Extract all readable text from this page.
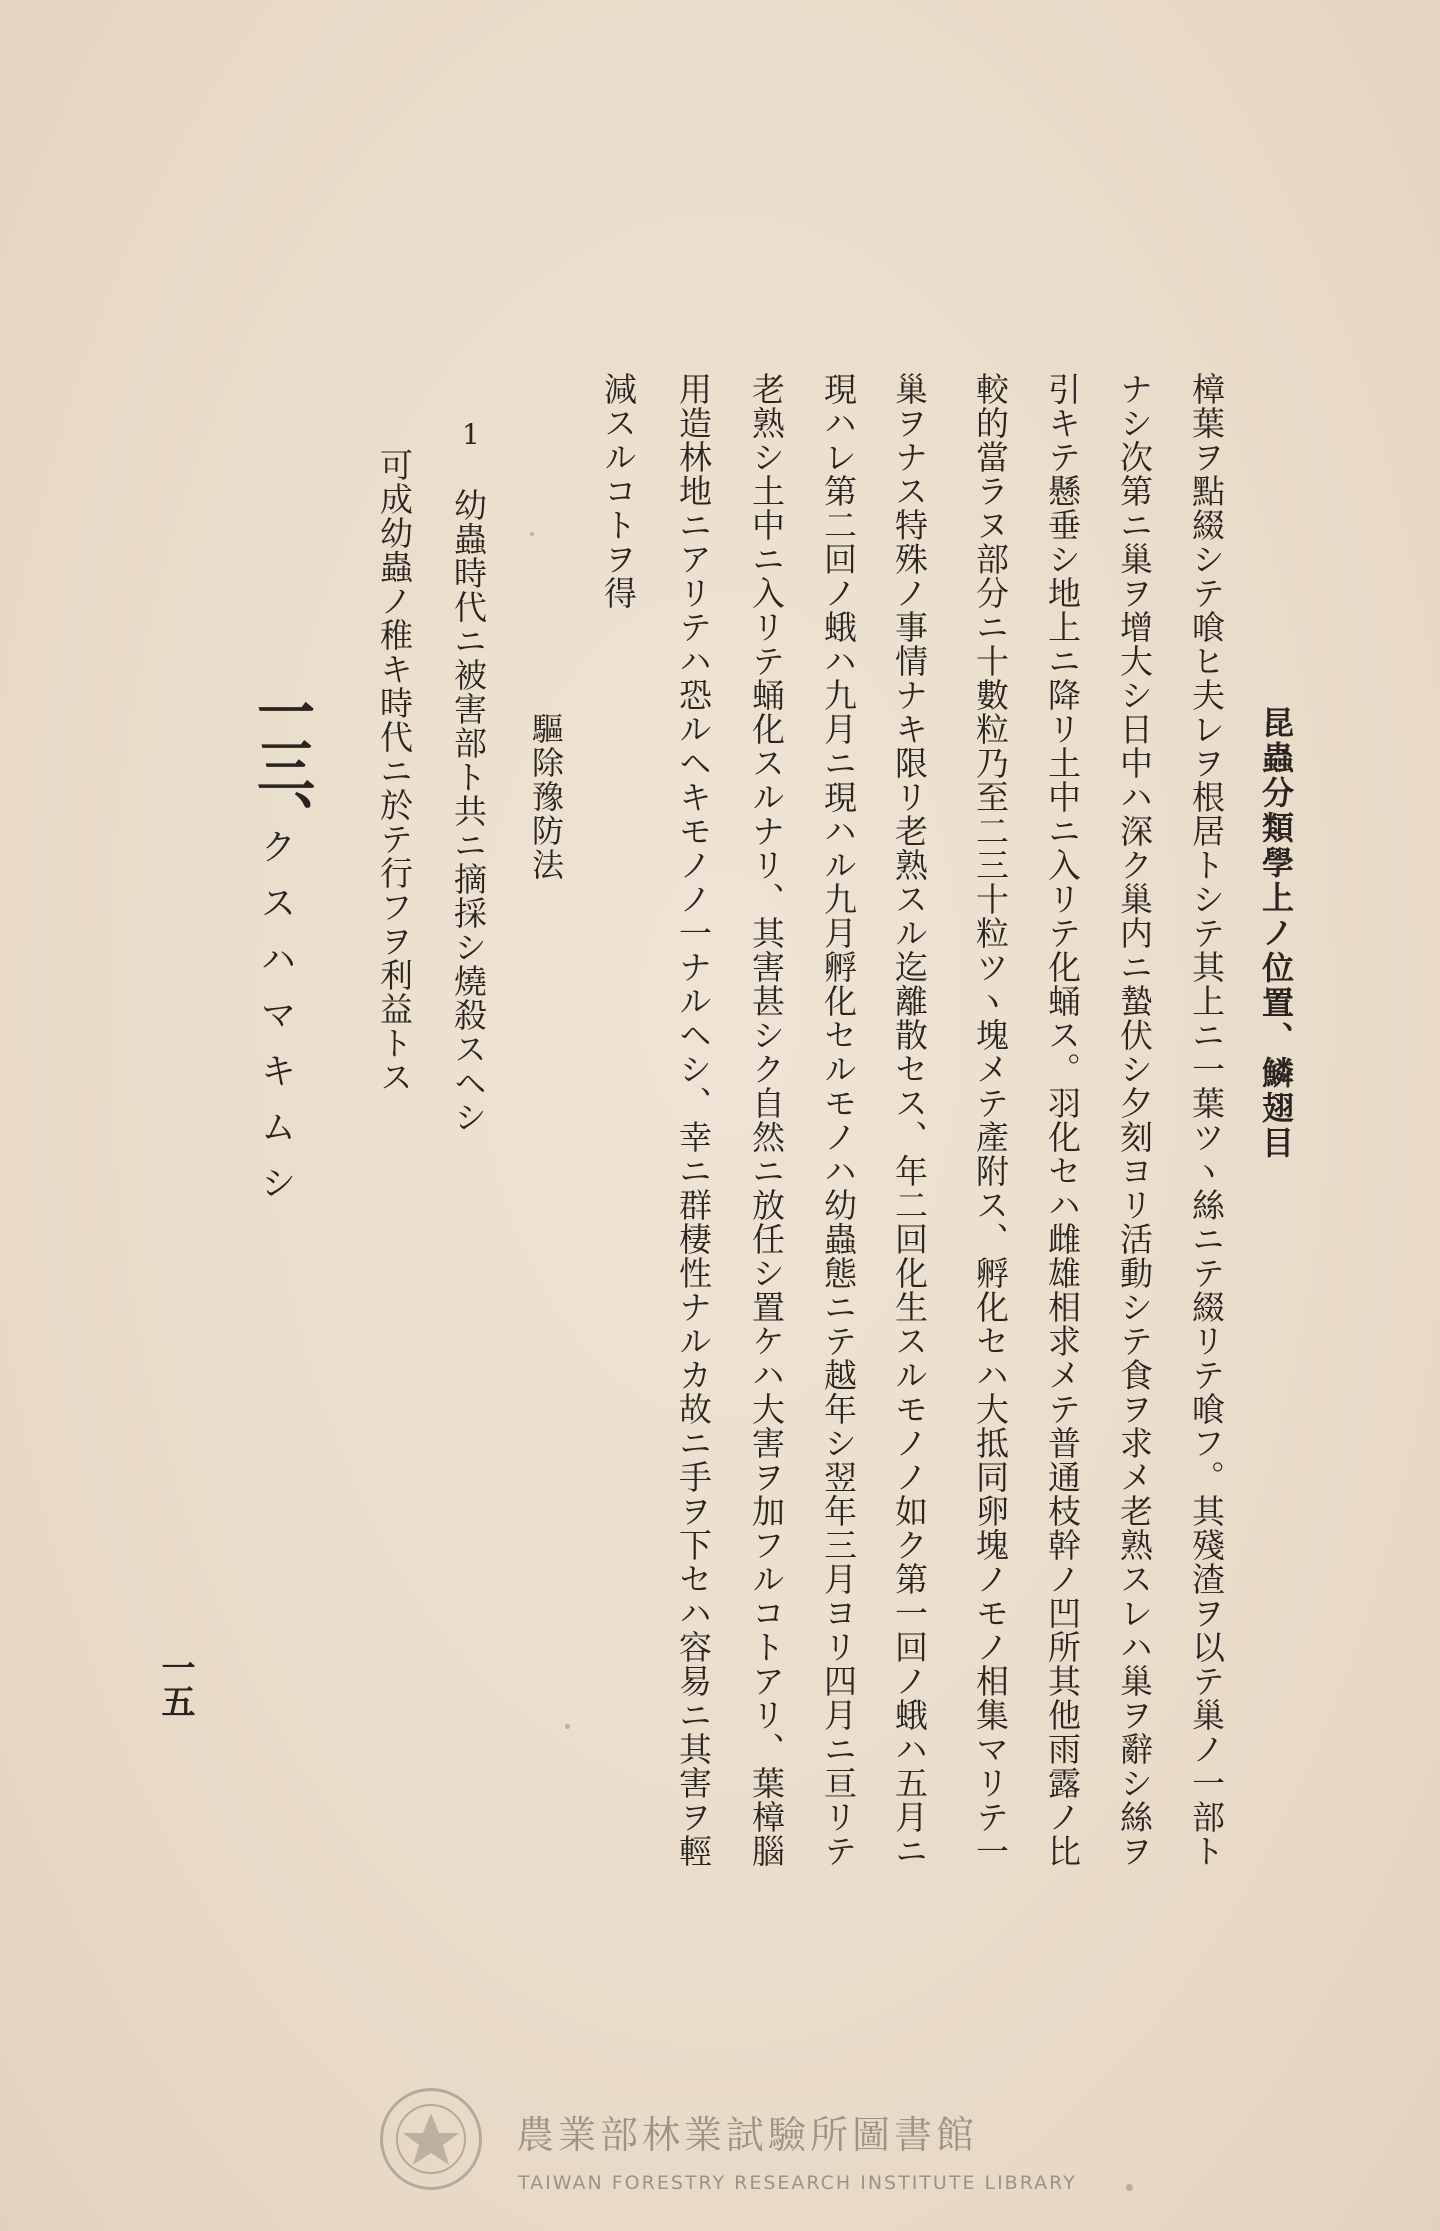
昆蟲分類學上ノ位置、鱗翅目
樟葉ヲ點綴シテ喰ヒ夫レヲ根居トシテ其上ニ一葉ツヽ絲ニテ綴リテ喰フ。其殘渣ヲ以テ巢ノ一部ト
ナシ次第ニ巢ヲ增大シ日中ハ深ク巢内ニ蟄伏シ夕刻ヨリ活動シテ食ヲ求メ老熟スレハ巢ヲ辭シ絲ヲ
引キテ懸垂シ地上ニ降リ土中ニ入リテ化蛹ス。羽化セハ雌雄相求メテ普通枝幹ノ凹所其他雨露ノ比
較的當ラヌ部分ニ十數粒乃至二三十粒ツヽ塊メテ產附ス、孵化セハ大抵同卵塊ノモノ相集マリテ一
巢ヲナス特殊ノ事情ナキ限リ老熟スル迄離散セス、年二回化生スルモノノ如ク第一回ノ蛾ハ五月ニ
現ハレ第二回ノ蛾ハ九月ニ現ハル九月孵化セルモノハ幼蟲態ニテ越年シ翌年三月ヨリ四月ニ亘リテ
老熟シ土中ニ入リテ蛹化スルナリ、其害甚シク自然ニ放任シ置ケハ大害ヲ加フルコトアリ、葉樟腦
用造林地ニアリテハ恐ルヘキモノノ一ナルヘシ、幸ニ群棲性ナルカ故ニ手ヲ下セハ容易ニ其害ヲ輕
減スルコトヲ得
驅除豫防法
1
幼蟲時代ニ被害部ト共ニ摘採シ燒殺スヘシ
可成幼蟲ノ稚キ時代ニ於テ行フヲ利益トス
一三、
クスハマキムシ
一五
農業部林業試驗所圖書館
TAIWAN FORESTRY RESEARCH INSTITUTE LIBRARY
